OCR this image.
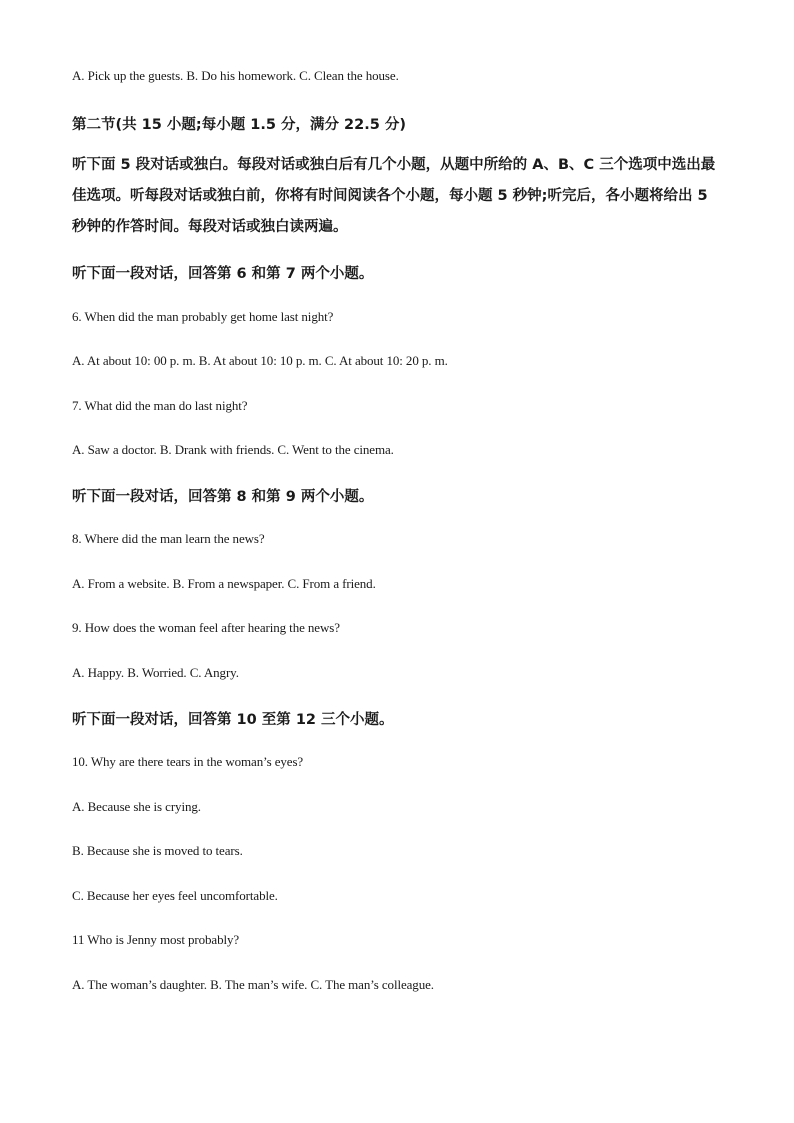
A. Pick up the guests. B. Do his homework. C. Clean the house.

第二节(共 15 小题;每小题 1.5 分，满分 22.5 分)

听下面 5 段对话或独白。每段对话或独白后有几个小题，从题中所给的 A、B、C 三个选项中选出最佳选项。听每段对话或独白前，你将有时间阅读各个小题，每小题 5 秒钟;听完后，各小题将给出 5 秒钟的作答时间。每段对话或独白读两遍。

听下面一段对话，回答第 6 和第 7 两个小题。

6. When did the man probably get home last night?

A. At about 10: 00 p. m. B. At about 10: 10 p. m. C. At about 10: 20 p. m.

7. What did the man do last night?

A. Saw a doctor. B. Drank with friends. C. Went to the cinema.

听下面一段对话，回答第 8 和第 9 两个小题。

8. Where did the man learn the news?

A. From a website. B. From a newspaper. C. From a friend.

9. How does the woman feel after hearing the news?

A. Happy. B. Worried. C. Angry.

听下面一段对话，回答第 10 至第 12 三个小题。

10. Why are there tears in the woman’s eyes?

A. Because she is crying.

B. Because she is moved to tears.

C. Because her eyes feel uncomfortable.

11 Who is Jenny most probably?

A. The woman’s daughter. B. The man’s wife. C. The man’s colleague.
